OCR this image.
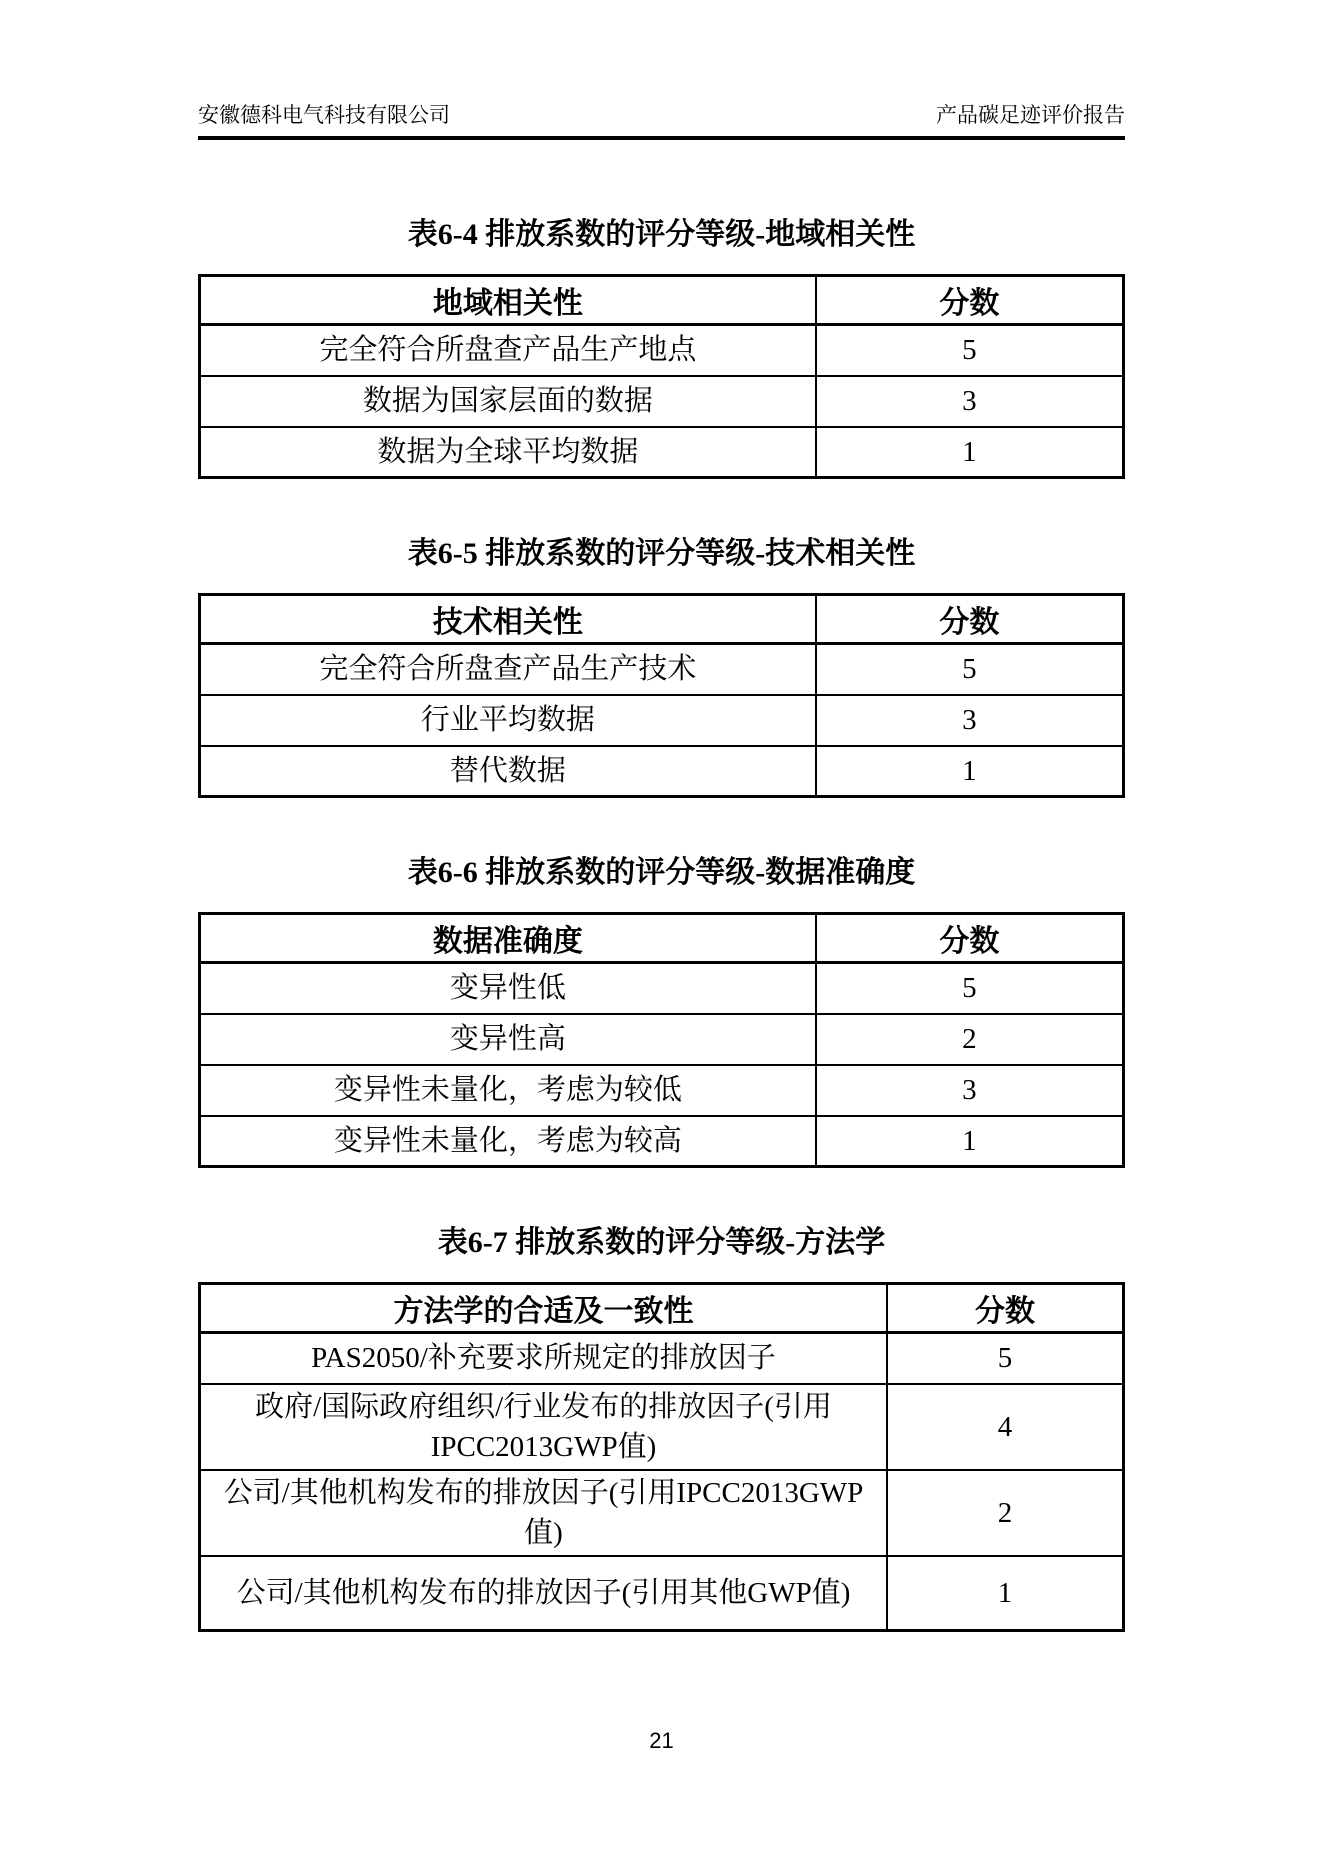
安徽德科电气科技有限公司	产品碳足迹评价报告
表6-4 排放系数的评分等级-地域相关性
地域相关性	分数
完全符合所盘查产品生产地点	5
数据为国家层面的数据	3
数据为全球平均数据	1
表6-5 排放系数的评分等级-技术相关性
技术相关性	分数
完全符合所盘查产品生产技术	5
行业平均数据	3
替代数据	1
表6-6 排放系数的评分等级-数据准确度
数据准确度	分数
变异性低	5
变异性高	2
变异性未量化，考虑为较低	3
变异性未量化，考虑为较高	1
表6-7 排放系数的评分等级-方法学
方法学的合适及一致性	分数
PAS2050/补充要求所规定的排放因子	5
政府/国际政府组织/行业发布的排放因子(引用IPCC2013GWP值)	4
公司/其他机构发布的排放因子(引用IPCC2013GWP值)	2
公司/其他机构发布的排放因子(引用其他GWP值)	1
21
